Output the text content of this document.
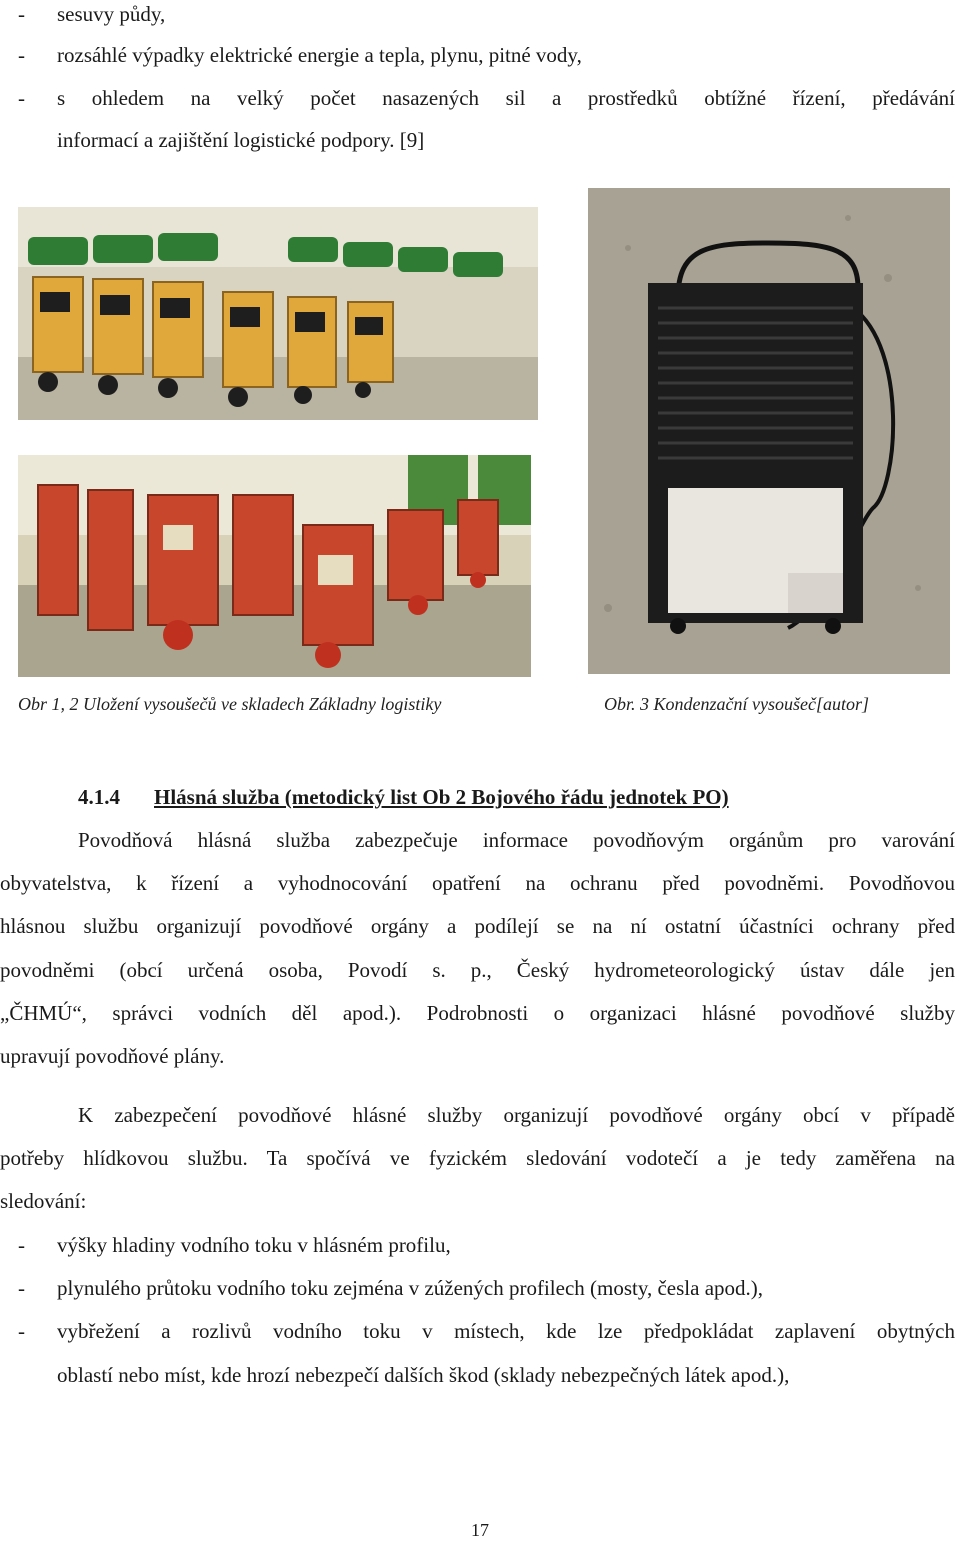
- sesuvy půdy,
- rozsáhlé výpadky elektrické energie a tepla, plynu, pitné vody,
- s ohledem na velký počet nasazených sil a prostředků obtížné řízení, předávání
informací a zajištění logistické podpory. [9]
Obr 1, 2 Uložení vysoušečů ve skladech Základny logistiky	Obr. 3 Kondenzační vysoušeč[autor]
4.1.4 Hlásná služba (metodický list Ob 2 Bojového řádu jednotek PO)
Povodňová hlásná služba zabezpečuje informace povodňovým orgánům pro varování
obyvatelstva, k řízení a vyhodnocování opatření na ochranu před povodněmi. Povodňovou
hlásnou službu organizují povodňové orgány a podílejí se na ní ostatní účastníci ochrany před
povodněmi (obcí určená osoba, Povodí s. p., Český hydrometeorologický ústav dále jen
„ČHMÚ“, správci vodních děl apod.). Podrobnosti o organizaci hlásné povodňové služby
upravují povodňové plány.
K zabezpečení povodňové hlásné služby organizují povodňové orgány obcí v případě
potřeby hlídkovou službu. Ta spočívá ve fyzickém sledování vodotečí a je tedy zaměřena na
sledování:
- výšky hladiny vodního toku v hlásném profilu,
- plynulého průtoku vodního toku zejména v zúžených profilech (mosty, česla apod.),
- vybřežení a rozlivů vodního toku v místech, kde lze předpokládat zaplavení obytných
oblastí nebo míst, kde hrozí nebezpečí dalších škod (sklady nebezpečných látek apod.),
17
